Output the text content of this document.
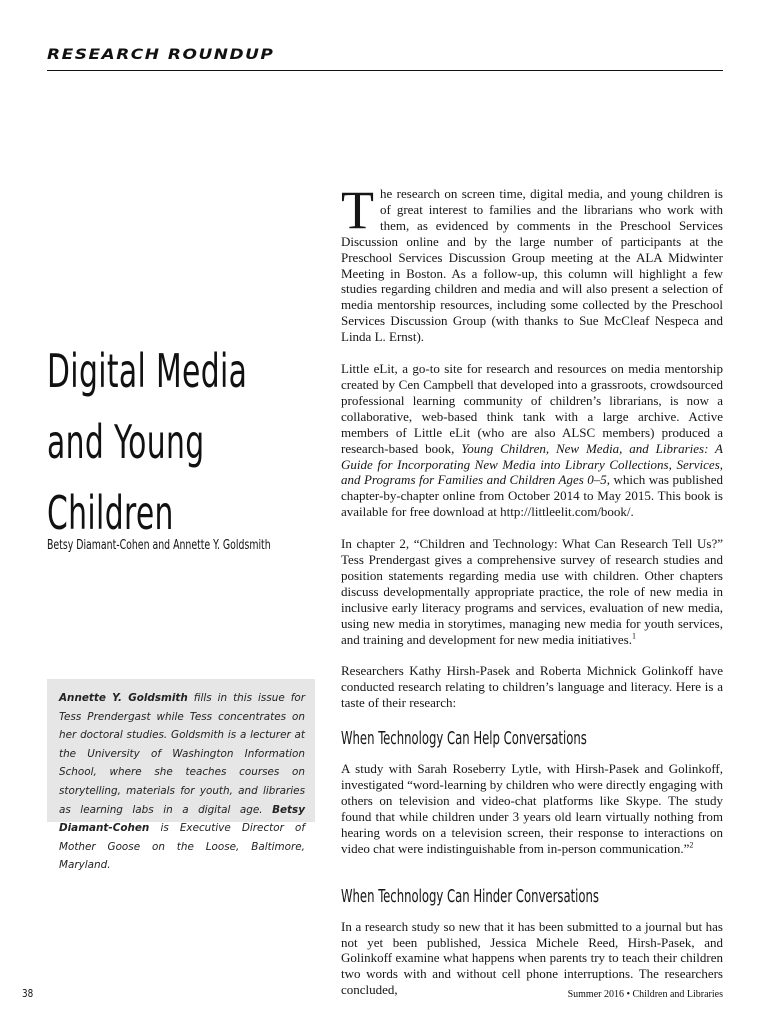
RESEARCH ROUNDUP
Digital Media
and Young
Children
Betsy Diamant-Cohen and Annette Y. Goldsmith
Annette Y. Goldsmith fills in this issue for Tess Prendergast while Tess concentrates on her doctoral studies. Goldsmith is a lecturer at the University of Washington Information School, where she teaches courses on storytelling, materials for youth, and libraries as learning labs in a digital age. Betsy Diamant-Cohen is Executive Director of Mother Goose on the Loose, Baltimore, Maryland.

The research on screen time, digital media, and young children is of great interest to families and the librarians who work with them, as evidenced by comments in the Preschool Services Discussion online and by the large number of participants at the Preschool Services Discussion Group meeting at the ALA Midwinter Meeting in Boston. As a follow-up, this column will highlight a few studies regarding children and media and will also present a selection of media mentorship resources, including some collected by the Preschool Services Discussion Group (with thanks to Sue McCleaf Nespeca and Linda L. Ernst).

Little eLit, a go-to site for research and resources on media mentorship created by Cen Campbell that developed into a grassroots, crowdsourced professional learning community of children’s librarians, is now a collaborative, web-based think tank with a large archive. Active members of Little eLit (who are also ALSC members) produced a research-based book, Young Children, New Media, and Libraries: A Guide for Incorporating New Media into Library Collections, Services, and Programs for Families and Children Ages 0–5, which was published chapter-by-chapter online from October 2014 to May 2015. This book is available for free download at http://littleelit.com/book/.

In chapter 2, “Children and Technology: What Can Research Tell Us?” Tess Prendergast gives a comprehensive survey of research studies and position statements regarding media use with children. Other chapters discuss developmentally appropriate practice, the role of new media in inclusive early literacy programs and services, evaluation of new media, using new media in storytimes, managing new media for youth services, and training and development for new media initiatives.$^1$

Researchers Kathy Hirsh-Pasek and Roberta Michnick Golinkoff have conducted research relating to children’s language and literacy. Here is a taste of their research:

When Technology Can Help Conversations

A study with Sarah Roseberry Lytle, with Hirsh-Pasek and Golinkoff, investigated “word-learning by children who were directly engaging with others on television and video-chat platforms like Skype. The study found that while children under 3 years old learn virtually nothing from hearing words on a television screen, their response to interactions on video chat were indistinguishable from in-person communication.”$^2$

When Technology Can Hinder Conversations

In a research study so new that it has been submitted to a journal but has not yet been published, Jessica Michele Reed, Hirsh-Pasek, and Golinkoff examine what happens when parents try to teach their children two words with and without cell phone interruptions. The researchers concluded,

38	Summer 2016 • Children and Libraries
